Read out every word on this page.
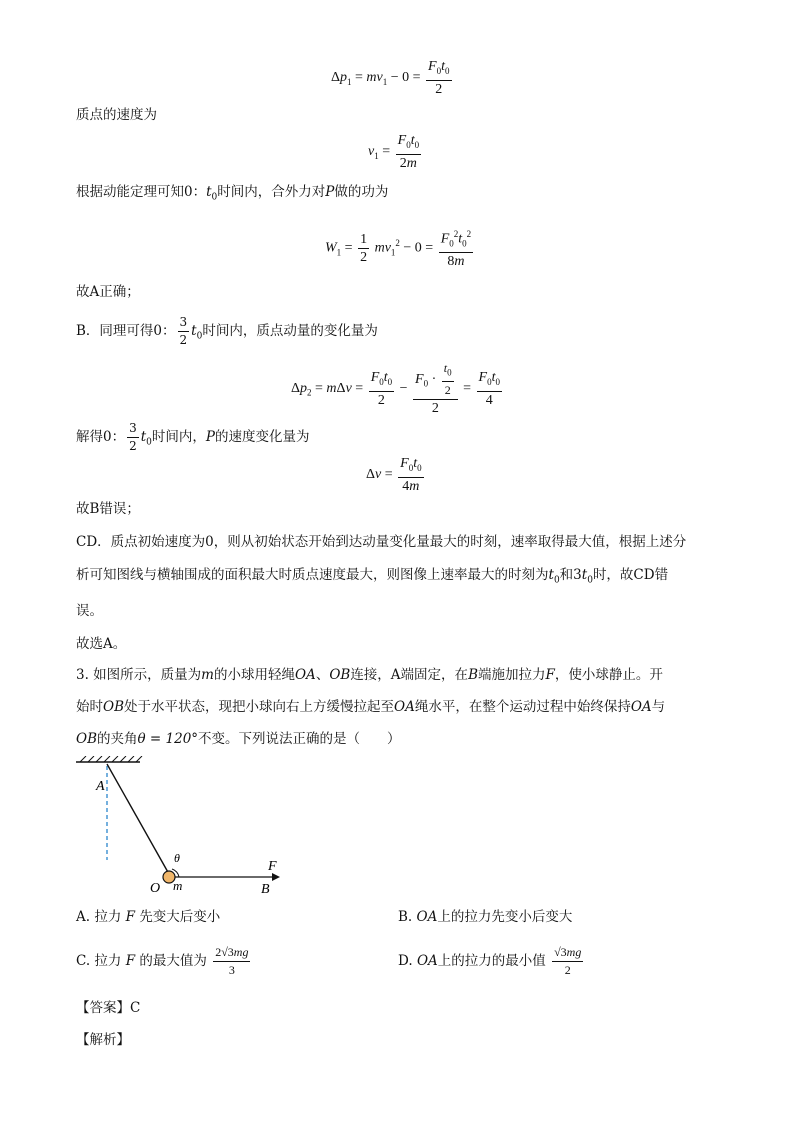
$\Delta p_1 = mv_1 - 0 = \frac{F_0t_0}{2}$
质点的速度为
$v_1 = \frac{F_0t_0}{2m}$
根据动能定理可知0：$t_0$时间内，合外力对P做的功为
$W_1 = \frac{1}{2} mv_1^2 - 0 = \frac{F_0^2t_0^2}{8m}$
故A正确；
B．同理可得0： $\frac{3}{2} t_0$时间内，质点动量的变化量为
$\Delta p_2 = m\Delta v = \frac{F_0t_0}{2} - \frac{F_0 \cdot \frac{t_0}{2}}{2} = \frac{F_0t_0}{4}$
解得0： $\frac{3}{2} t_0$时间内，P的速度变化量为
$\Delta v = \frac{F_0t_0}{4m}$
故B错误；
CD．质点初始速度为0，则从初始状态开始到达动量变化量最大的时刻，速率取得最大值，根据上述分
析可知图线与横轴围成的面积最大时质点速度最大，则图像上速率最大的时刻为$t_0$和$3t_0$时，故CD错
误。
故选A。
3. 如图所示，质量为m的小球用轻绳OA、OB连接，A端固定，在B端施加拉力F，使小球静止。开
始时OB处于水平状态，现把小球向右上方缓慢拉起至OA绳水平，在整个运动过程中始终保持OA与
OB的夹角θ = 120°不变。下列说法正确的是（　　）
A
O m
θ
F
B
A. 拉力 F 先变大后变小	B. OA上的拉力先变小后变大
C. 拉力 F 的最大值为 $\frac{2√3mg}{3}$	D. OA上的拉力的最小值 $\frac{√3mg}{2}$
【答案】C
【解析】
